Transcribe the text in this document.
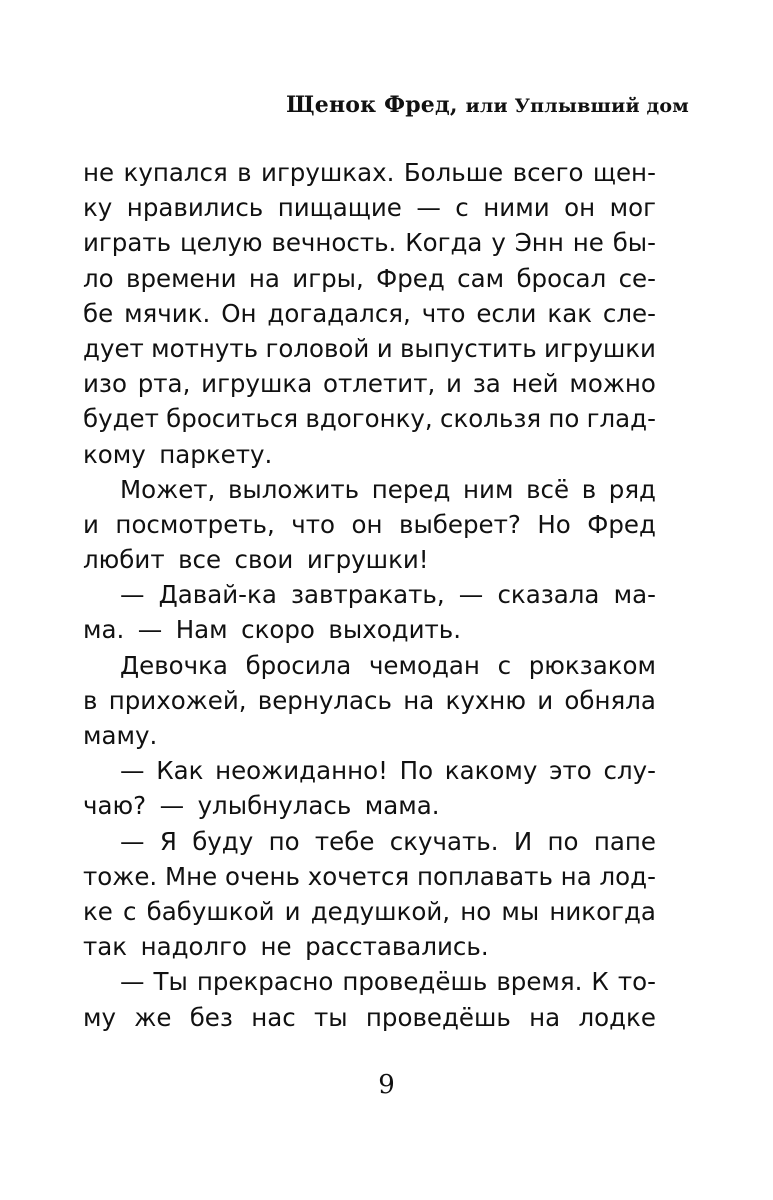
Щенок Фред, или Уплывший дом
не купался в игрушках. Больше всего щен-
ку нравились пищащие — с ними он мог
играть целую вечность. Когда у Энн не бы-
ло времени на игры, Фред сам бросал се-
бе мячик. Он догадался, что если как сле-
дует мотнуть головой и выпустить игрушки
изо рта, игрушка отлетит, и за ней можно
будет броситься вдогонку, скользя по глад-
кому паркету.
Может, выложить перед ним всё в ряд
и посмотреть, что он выберет? Но Фред
любит все свои игрушки!
— Давай-ка завтракать, — сказала ма-
ма. — Нам скоро выходить.
Девочка бросила чемодан с рюкзаком
в прихожей, вернулась на кухню и обняла
маму.
— Как неожиданно! По какому это слу-
чаю? — улыбнулась мама.
— Я буду по тебе скучать. И по папе
тоже. Мне очень хочется поплавать на лод-
ке с бабушкой и дедушкой, но мы никогда
так надолго не расставались.
— Ты прекрасно проведёшь время. К то-
му же без нас ты проведёшь на лодке
9
